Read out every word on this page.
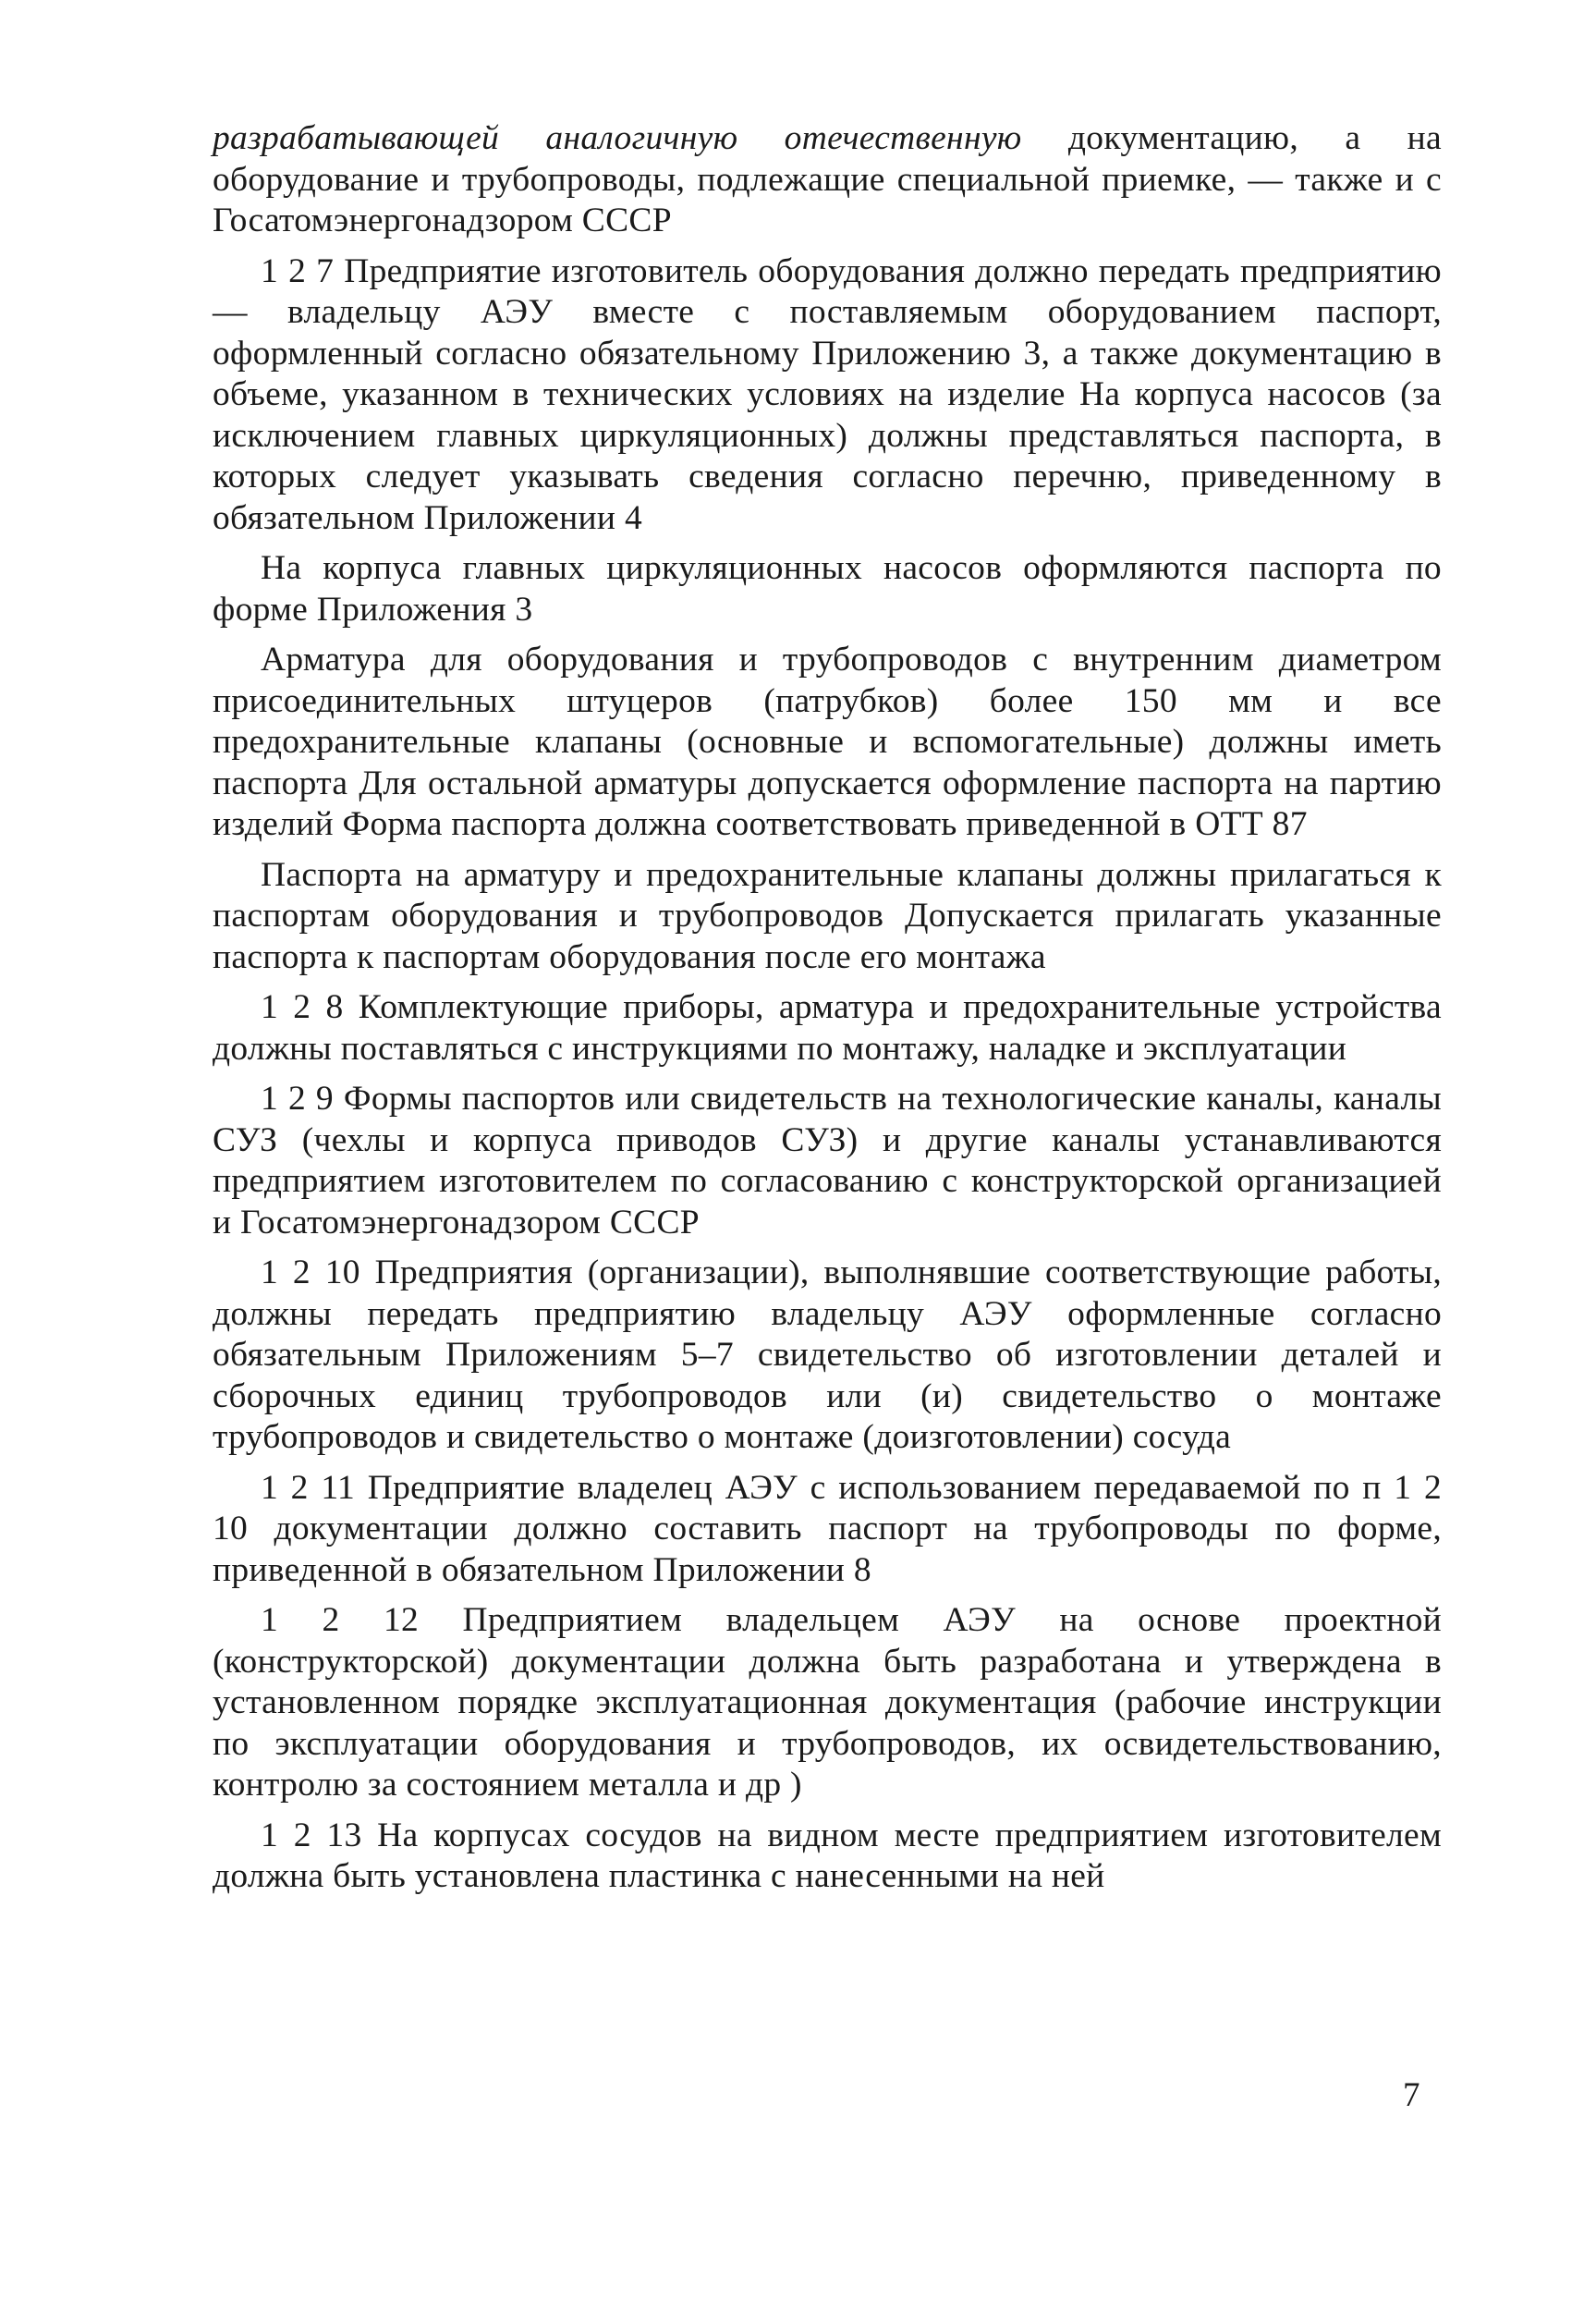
разрабатывающей аналогичную отечественную документацию, а на оборудование и трубопроводы, подлежащие специальной приемке, — также и с Госатомэнергонадзором СССР

1 2 7 Предприятие изготовитель оборудования должно передать предприятию — владельцу АЭУ вместе с поставляемым оборудованием паспорт, оформленный согласно обязательному Приложению 3, а также документацию в объеме, указанном в технических условиях на изделие На корпуса насосов (за исключением главных циркуляционных) должны представляться паспорта, в которых следует указывать сведения согласно перечню, приведенному в обязательном Приложении 4

На корпуса главных циркуляционных насосов оформляются паспорта по форме Приложения 3

Арматура для оборудования и трубопроводов с внутренним диаметром присоединительных штуцеров (патрубков) более 150 мм и все предохранительные клапаны (основные и вспомогательные) должны иметь паспорта Для остальной арматуры допускается оформление паспорта на партию изделий Форма паспорта должна соответствовать приведенной в ОТТ 87

Паспорта на арматуру и предохранительные клапаны должны прилагаться к паспортам оборудования и трубопроводов Допускается прилагать указанные паспорта к паспортам оборудования после его монтажа

1 2 8 Комплектующие приборы, арматура и предохранительные устройства должны поставляться с инструкциями по монтажу, наладке и эксплуатации

1 2 9 Формы паспортов или свидетельств на технологические каналы, каналы СУЗ (чехлы и корпуса приводов СУЗ) и другие каналы устанавливаются предприятием изготовителем по согласованию с конструкторской организацией и Госатомэнергонадзором СССР

1 2 10 Предприятия (организации), выполнявшие соответствующие работы, должны передать предприятию владельцу АЭУ оформленные согласно обязательным Приложениям 5–7 свидетельство об изготовлении деталей и сборочных единиц трубопроводов или (и) свидетельство о монтаже трубопроводов и свидетельство о монтаже (доизготовлении) сосуда

1 2 11 Предприятие владелец АЭУ с использованием передаваемой по п 1 2 10 документации должно составить паспорт на трубопроводы по форме, приведенной в обязательном Приложении 8

1 2 12 Предприятием владельцем АЭУ на основе проектной (конструкторской) документации должна быть разработана и утверждена в установленном порядке эксплуатационная документация (рабочие инструкции по эксплуатации оборудования и трубопроводов, их освидетельствованию, контролю за состоянием металла и др )

1 2 13 На корпусах сосудов на видном месте предприятием изготовителем должна быть установлена пластинка с нанесенными на ней

7
